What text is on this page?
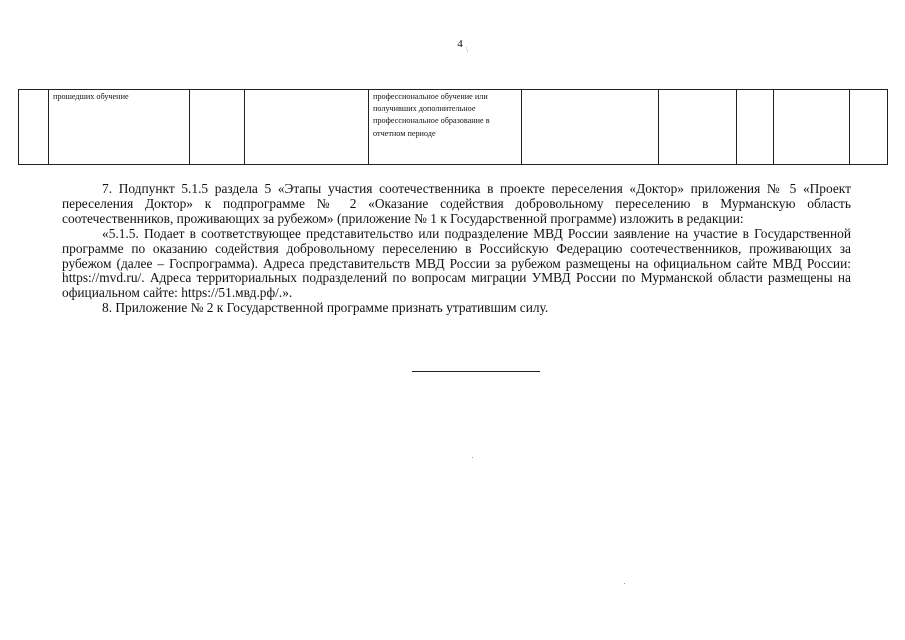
4 \
	прошедших обучение			профессиональное обучение или получивших дополнительное профессиональное образование в отчетном периоде					

7. Подпункт 5.1.5 раздела 5 «Этапы участия соотечественника в проекте переселения «Доктор» приложения № 5 «Проект переселения Доктор» к подпрограмме № 2 «Оказание содействия добровольному переселению в Мурманскую область соотечественников, проживающих за рубежом» (приложение № 1 к Государственной программе) изложить в редакции:

«5.1.5. Подает в соответствующее представительство или подразделение МВД России заявление на участие в Государственной программе по оказанию содействия добровольному переселению в Российскую Федерацию соотечественников, проживающих за рубежом (далее – Госпрограмма). Адреса представительств МВД России за рубежом размещены на официальном сайте МВД России: https://mvd.ru/. Адреса территориальных подразделений по вопросам миграции УМВД России по Мурманской области размещены на официальном сайте: https://51.мвд.рф/.».

8. Приложение № 2 к Государственной программе признать утратившим силу.
